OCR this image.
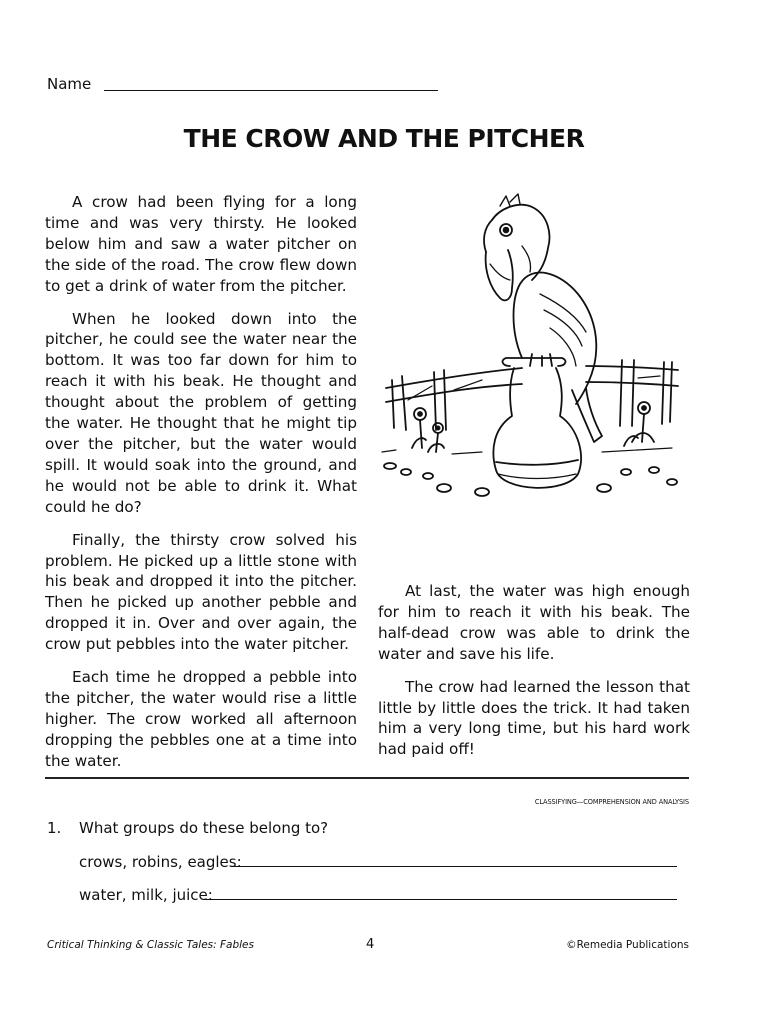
Name
THE CROW AND THE PITCHER

A crow had been flying for a long time and was very thirsty. He looked below him and saw a water pitcher on the side of the road. The crow flew down to get a drink of water from the pitcher.

When he looked down into the pitcher, he could see the water near the bottom. It was too far down for him to reach it with his beak. He thought and thought about the problem of getting the water. He thought that he might tip over the pitcher, but the water would spill. It would soak into the ground, and he would not be able to drink it. What could he do?

Finally, the thirsty crow solved his problem. He picked up a little stone with his beak and dropped it into the pitcher. Then he picked up another pebble and dropped it in. Over and over again, the crow put pebbles into the water pitcher.

Each time he dropped a pebble into the pitcher, the water would rise a little higher. The crow worked all afternoon dropping the pebbles one at a time into the water.

At last, the water was high enough for him to reach it with his beak. The half-dead crow was able to drink the water and save his life.

The crow had learned the lesson that little by little does the trick. It had taken him a very long time, but his hard work had paid off!

CLASSIFYING—COMPREHENSION AND ANALYSIS
1. What groups do these belong to?
crows, robins, eagles:
water, milk, juice:
Critical Thinking & Classic Tales: Fables	4	©Remedia Publications
